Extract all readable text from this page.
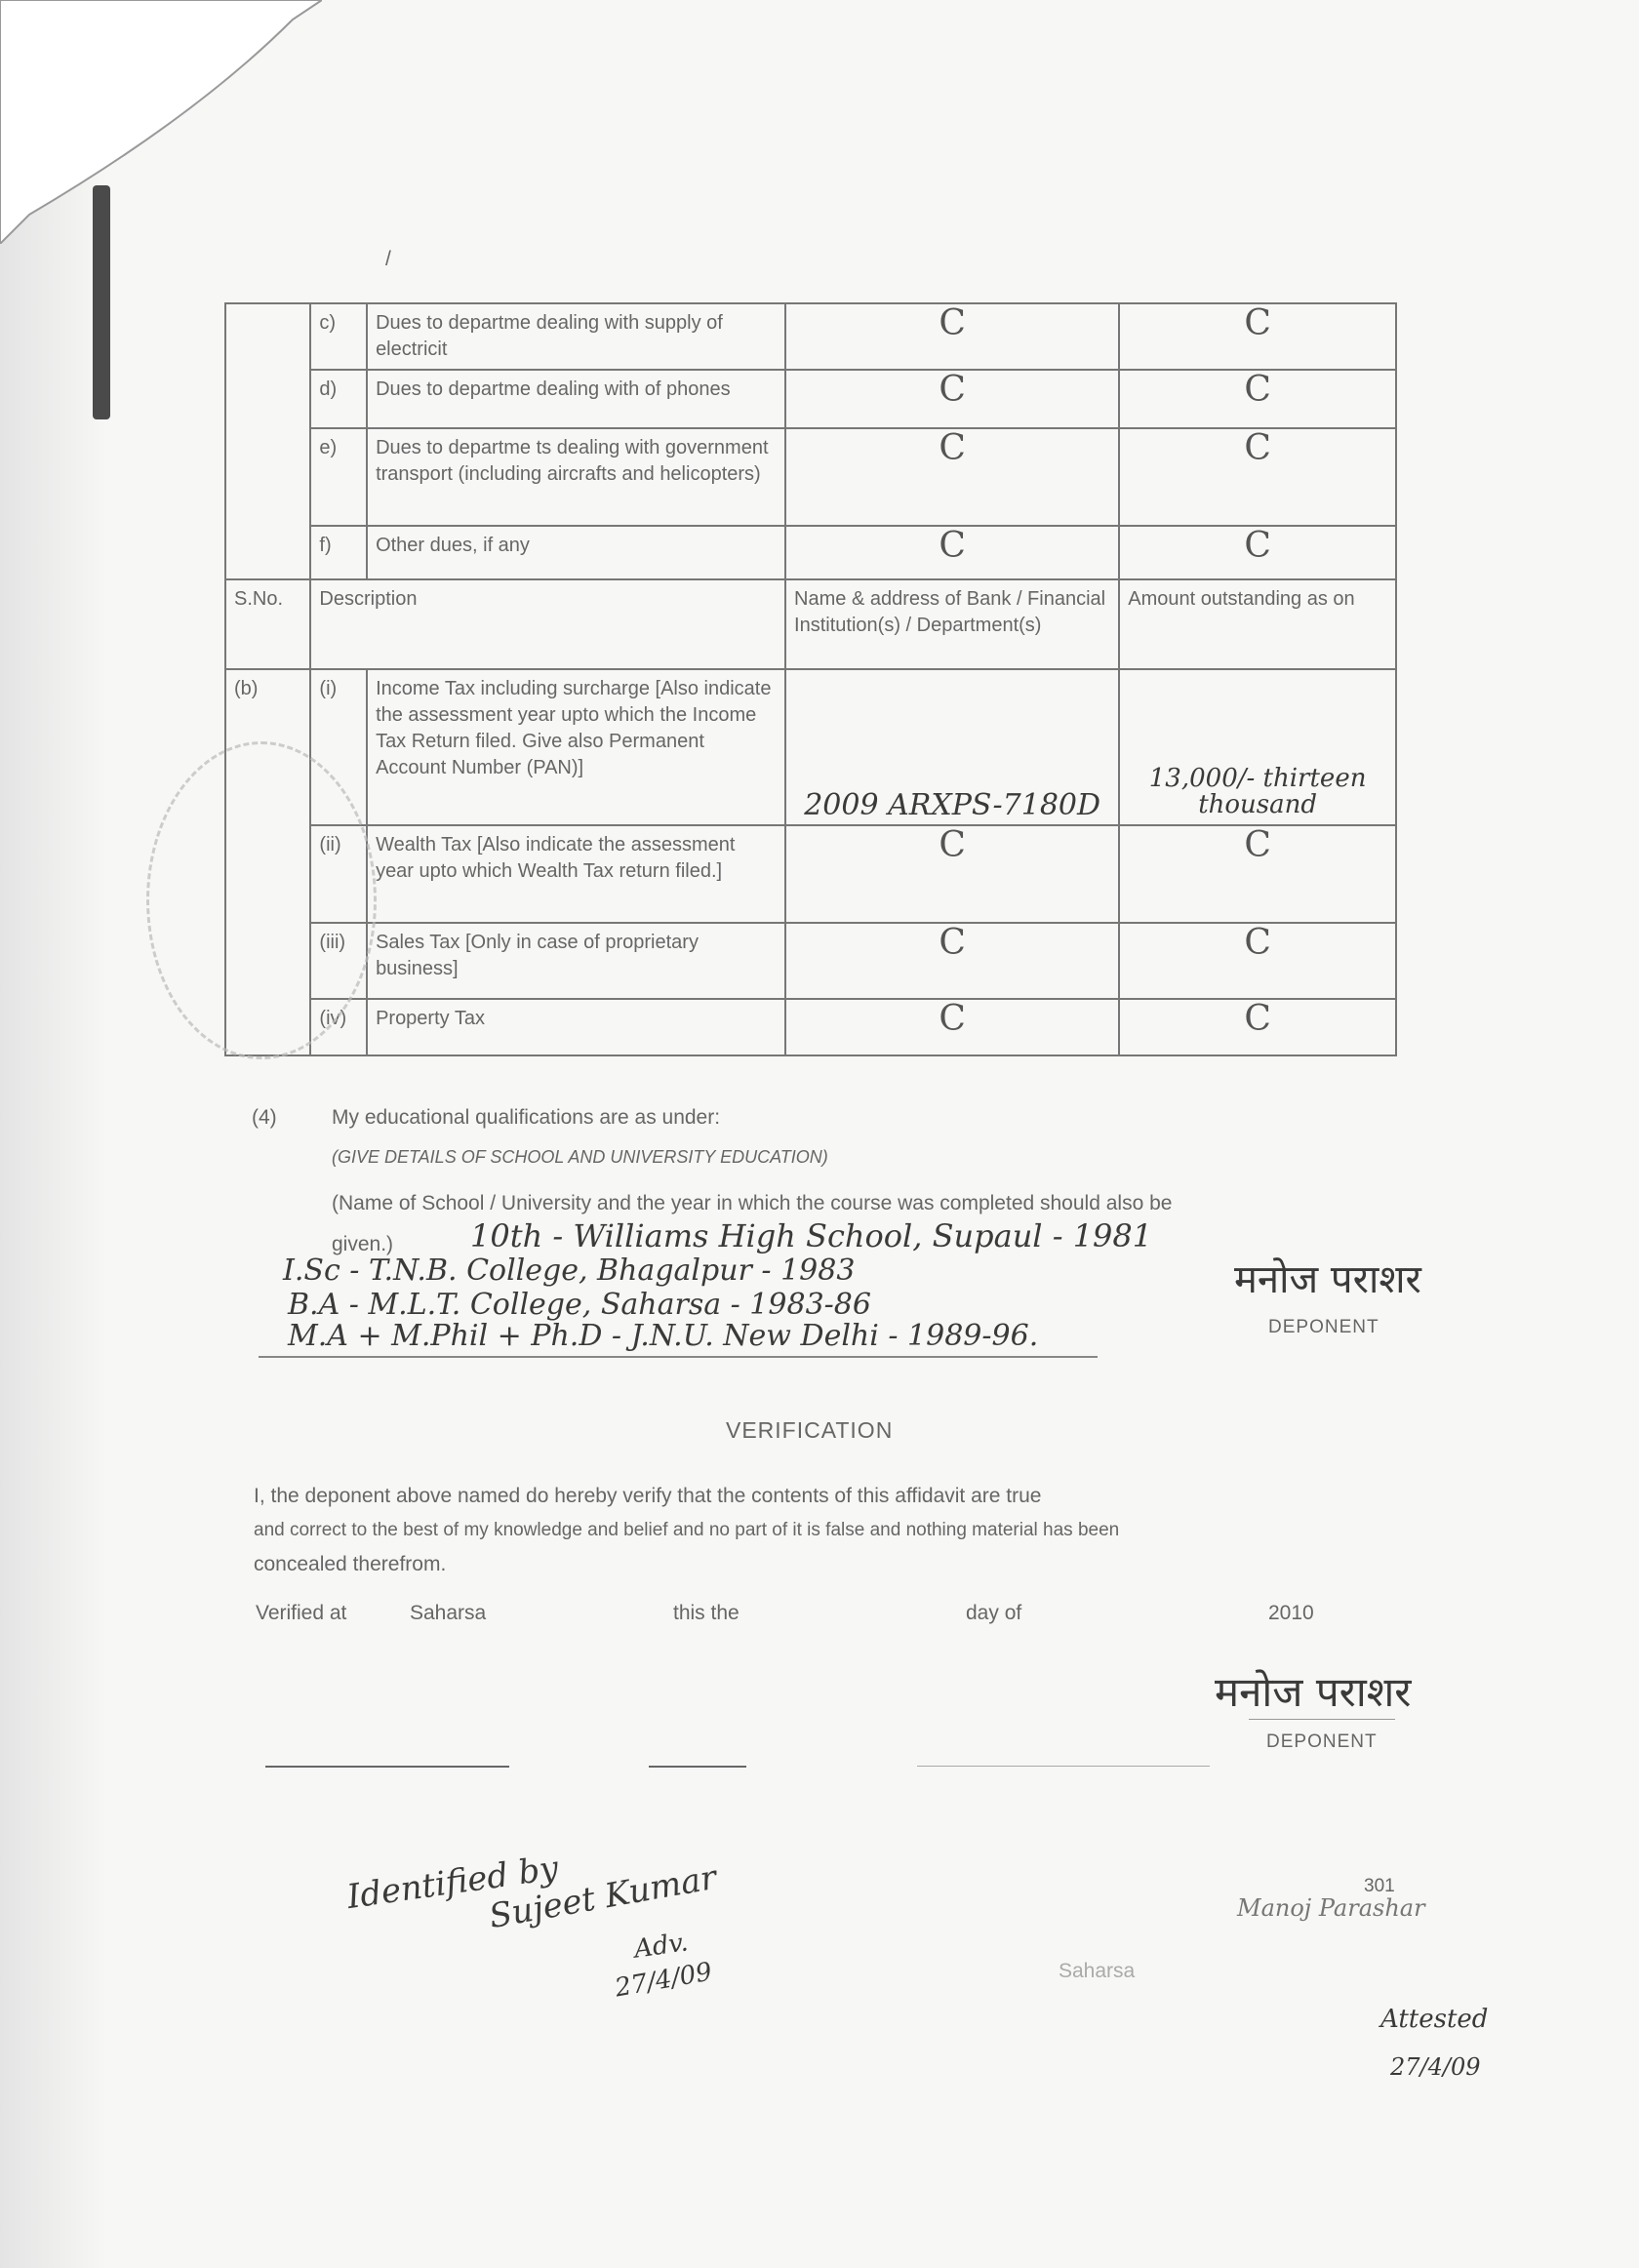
/
	c)	Dues to departme dealing with supply of electricit	C	C
	d)	Dues to departme dealing with of phones	C	C
	e)	Dues to departme ts dealing with government transport (including aircrafts and helicopters)	C	C
	f)	Other dues, if any	C	C
S.No.	Description		Name & address of Bank / Financial Institution(s) / Department(s)	Amount outstanding as on
(b)	(i)	Income Tax including surcharge [Also indicate the assessment year upto which the Income Tax Return filed. Give also Permanent Account Number (PAN)]	2009 ARXPS-7180D	13,000/- thirteen thousand
	(ii)	Wealth Tax [Also indicate the assessment year upto which Wealth Tax return filed.]	C	C
	(iii)	Sales Tax [Only in case of proprietary business]	C	C
	(iv)	Property Tax	C	C
(4)	My educational qualifications are as under:
(GIVE DETAILS OF SCHOOL AND UNIVERSITY EDUCATION)
(Name of School / University and the year in which the course was completed should also be
given.) 10th - Williams High School, Supaul - 1981
I.Sc - T.N.B. College, Bhagalpur - 1983
B.A - M.L.T. College, Saharsa - 1983-86
M.A + M.Phil + Ph.D - J.N.U. New Delhi - 1989-96.
मनोज पराशर
DEPONENT
VERIFICATION
I, the deponent above named do hereby verify that the contents of this affidavit are true
and correct to the best of my knowledge and belief and no part of it is false and nothing material has been
concealed therefrom.
Verified at	Saharsa	this the	day of	2010
मनोज पराशर
DEPONENT
Identified by
Sujeet Kumar
Adv.
27/4/09	Saharsa
301
Manoj Parashar
Attested
27/4/09
